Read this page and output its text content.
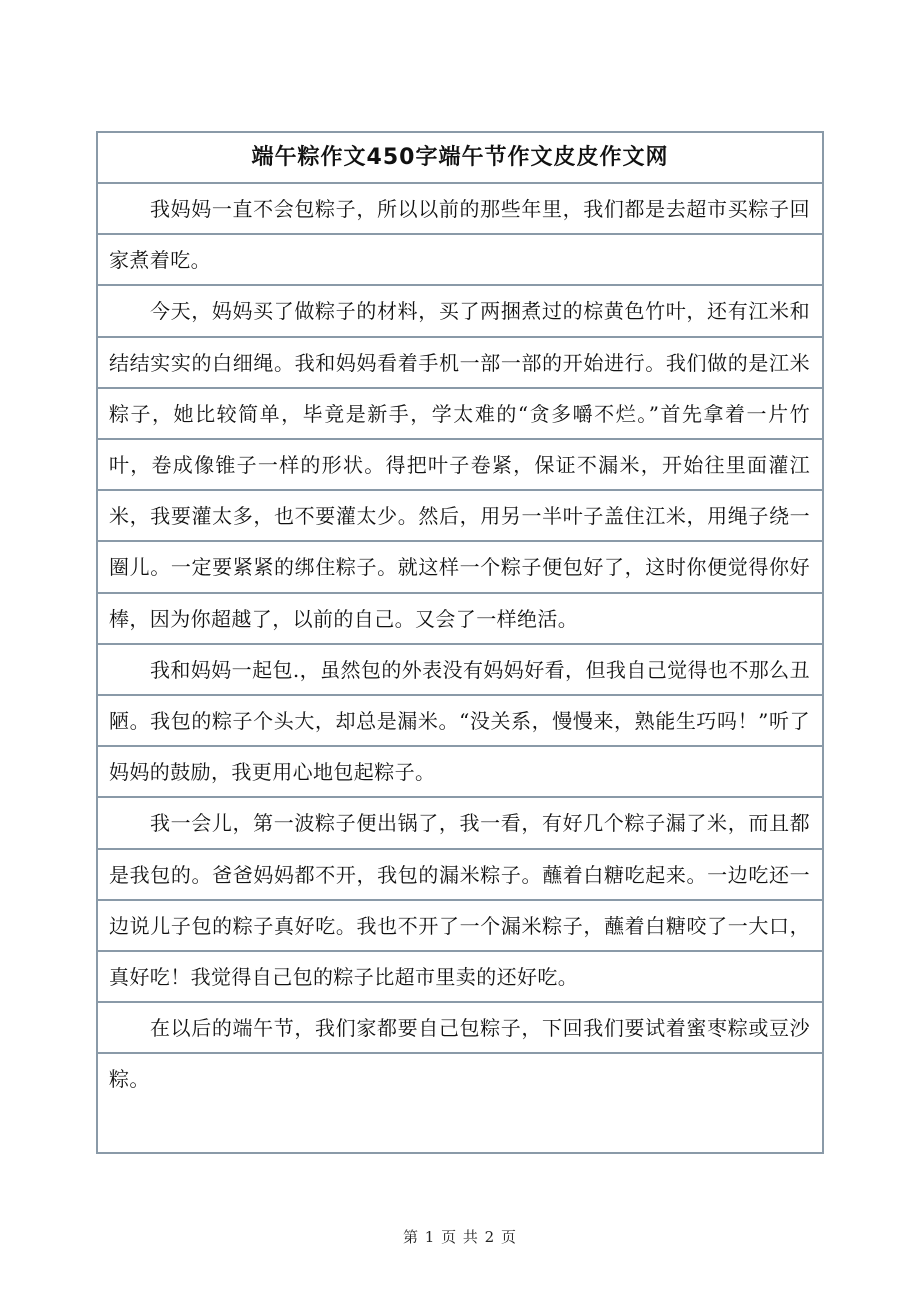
端午粽作文450字端午节作文皮皮作文网

我妈妈一直不会包粽子，所以以前的那些年里，我们都是去超市买粽子回家煮着吃。

今天，妈妈买了做粽子的材料，买了两捆煮过的棕黄色竹叶，还有江米和结结实实的白细绳。我和妈妈看着手机一部一部的开始进行。我们做的是江米粽子，她比较简单，毕竟是新手，学太难的“贪多嚼不烂。”首先拿着一片竹叶，卷成像锥子一样的形状。得把叶子卷紧，保证不漏米，开始往里面灌江米，我要灌太多，也不要灌太少。然后，用另一半叶子盖住江米，用绳子绕一圈儿。一定要紧紧的绑住粽子。就这样一个粽子便包好了，这时你便觉得你好棒，因为你超越了，以前的自己。又会了一样绝活。

我和妈妈一起包.，虽然包的外表没有妈妈好看，但我自己觉得也不那么丑陋。我包的粽子个头大，却总是漏米。“没关系，慢慢来，熟能生巧吗！”听了妈妈的鼓励，我更用心地包起粽子。

我一会儿，第一波粽子便出锅了，我一看，有好几个粽子漏了米，而且都是我包的。爸爸妈妈都不开，我包的漏米粽子。蘸着白糖吃起来。一边吃还一边说儿子包的粽子真好吃。我也不开了一个漏米粽子，蘸着白糖咬了一大口，真好吃！我觉得自己包的粽子比超市里卖的还好吃。

在以后的端午节，我们家都要自己包粽子，下回我们要试着蜜枣粽或豆沙粽。

第 1 页 共 2 页
